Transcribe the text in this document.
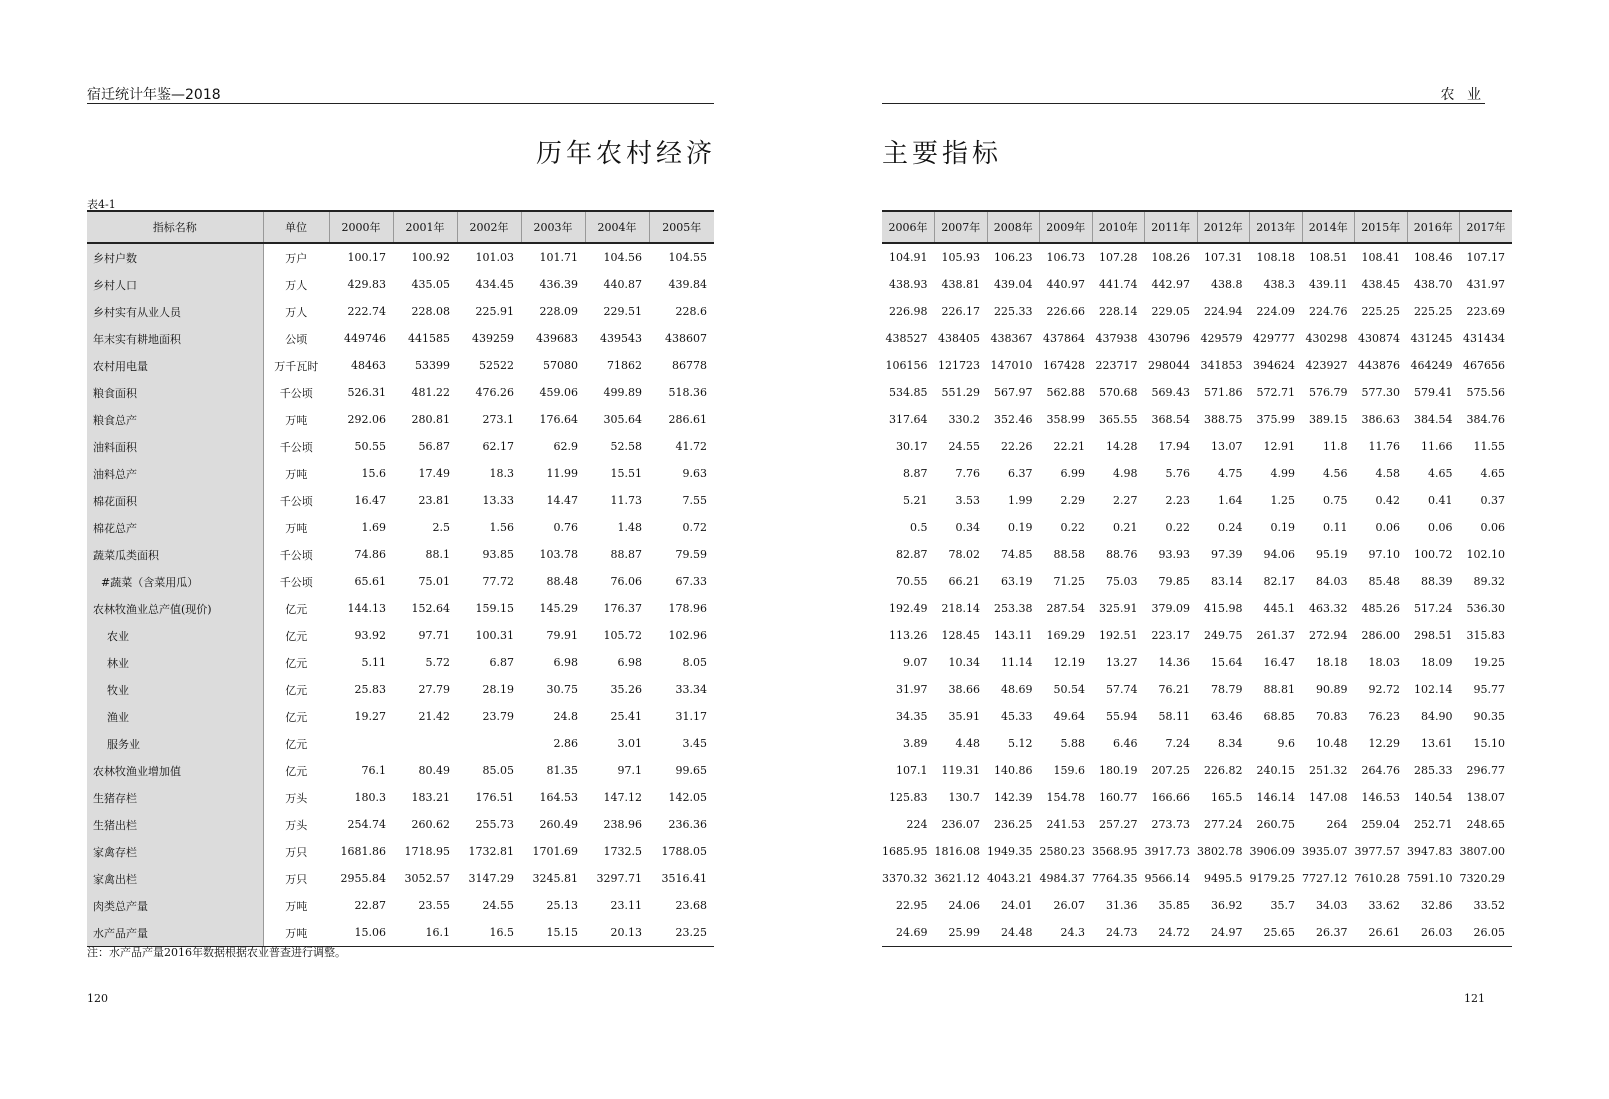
宿迁统计年鉴—2018	农 业
历年农村经济	主要指标
表4-1
指标名称	单位	2000年	2001年	2002年	2003年	2004年	2005年
乡村户数	万户	100.17	100.92	101.03	101.71	104.56	104.55
乡村人口	万人	429.83	435.05	434.45	436.39	440.87	439.84
乡村实有从业人员	万人	222.74	228.08	225.91	228.09	229.51	228.6
年末实有耕地面积	公顷	449746	441585	439259	439683	439543	438607
农村用电量	万千瓦时	48463	53399	52522	57080	71862	86778
粮食面积	千公顷	526.31	481.22	476.26	459.06	499.89	518.36
粮食总产	万吨	292.06	280.81	273.1	176.64	305.64	286.61
油料面积	千公顷	50.55	56.87	62.17	62.9	52.58	41.72
油料总产	万吨	15.6	17.49	18.3	11.99	15.51	9.63
棉花面积	千公顷	16.47	23.81	13.33	14.47	11.73	7.55
棉花总产	万吨	1.69	2.5	1.56	0.76	1.48	0.72
蔬菜瓜类面积	千公顷	74.86	88.1	93.85	103.78	88.87	79.59
#蔬菜（含菜用瓜）	千公顷	65.61	75.01	77.72	88.48	76.06	67.33
农林牧渔业总产值(现价)	亿元	144.13	152.64	159.15	145.29	176.37	178.96
农业	亿元	93.92	97.71	100.31	79.91	105.72	102.96
林业	亿元	5.11	5.72	6.87	6.98	6.98	8.05
牧业	亿元	25.83	27.79	28.19	30.75	35.26	33.34
渔业	亿元	19.27	21.42	23.79	24.8	25.41	31.17
服务业	亿元				2.86	3.01	3.45
农林牧渔业增加值	亿元	76.1	80.49	85.05	81.35	97.1	99.65
生猪存栏	万头	180.3	183.21	176.51	164.53	147.12	142.05
生猪出栏	万头	254.74	260.62	255.73	260.49	238.96	236.36
家禽存栏	万只	1681.86	1718.95	1732.81	1701.69	1732.5	1788.05
家禽出栏	万只	2955.84	3052.57	3147.29	3245.81	3297.71	3516.41
肉类总产量	万吨	22.87	23.55	24.55	25.13	23.11	23.68
水产品产量	万吨	15.06	16.1	16.5	15.15	20.13	23.25
2006年	2007年	2008年	2009年	2010年	2011年	2012年	2013年	2014年	2015年	2016年	2017年
104.91	105.93	106.23	106.73	107.28	108.26	107.31	108.18	108.51	108.41	108.46	107.17
438.93	438.81	439.04	440.97	441.74	442.97	438.8	438.3	439.11	438.45	438.70	431.97
226.98	226.17	225.33	226.66	228.14	229.05	224.94	224.09	224.76	225.25	225.25	223.69
438527	438405	438367	437864	437938	430796	429579	429777	430298	430874	431245	431434
106156	121723	147010	167428	223717	298044	341853	394624	423927	443876	464249	467656
534.85	551.29	567.97	562.88	570.68	569.43	571.86	572.71	576.79	577.30	579.41	575.56
317.64	330.2	352.46	358.99	365.55	368.54	388.75	375.99	389.15	386.63	384.54	384.76
30.17	24.55	22.26	22.21	14.28	17.94	13.07	12.91	11.8	11.76	11.66	11.55
8.87	7.76	6.37	6.99	4.98	5.76	4.75	4.99	4.56	4.58	4.65	4.65
5.21	3.53	1.99	2.29	2.27	2.23	1.64	1.25	0.75	0.42	0.41	0.37
0.5	0.34	0.19	0.22	0.21	0.22	0.24	0.19	0.11	0.06	0.06	0.06
82.87	78.02	74.85	88.58	88.76	93.93	97.39	94.06	95.19	97.10	100.72	102.10
70.55	66.21	63.19	71.25	75.03	79.85	83.14	82.17	84.03	85.48	88.39	89.32
192.49	218.14	253.38	287.54	325.91	379.09	415.98	445.1	463.32	485.26	517.24	536.30
113.26	128.45	143.11	169.29	192.51	223.17	249.75	261.37	272.94	286.00	298.51	315.83
9.07	10.34	11.14	12.19	13.27	14.36	15.64	16.47	18.18	18.03	18.09	19.25
31.97	38.66	48.69	50.54	57.74	76.21	78.79	88.81	90.89	92.72	102.14	95.77
34.35	35.91	45.33	49.64	55.94	58.11	63.46	68.85	70.83	76.23	84.90	90.35
3.89	4.48	5.12	5.88	6.46	7.24	8.34	9.6	10.48	12.29	13.61	15.10
107.1	119.31	140.86	159.6	180.19	207.25	226.82	240.15	251.32	264.76	285.33	296.77
125.83	130.7	142.39	154.78	160.77	166.66	165.5	146.14	147.08	146.53	140.54	138.07
224	236.07	236.25	241.53	257.27	273.73	277.24	260.75	264	259.04	252.71	248.65
1685.95	1816.08	1949.35	2580.23	3568.95	3917.73	3802.78	3906.09	3935.07	3977.57	3947.83	3807.00
3370.32	3621.12	4043.21	4984.37	7764.35	9566.14	9495.5	9179.25	7727.12	7610.28	7591.10	7320.29
22.95	24.06	24.01	26.07	31.36	35.85	36.92	35.7	34.03	33.62	32.86	33.52
24.69	25.99	24.48	24.3	24.73	24.72	24.97	25.65	26.37	26.61	26.03	26.05
注：水产品产量2016年数据根据农业普查进行调整。
120	121
